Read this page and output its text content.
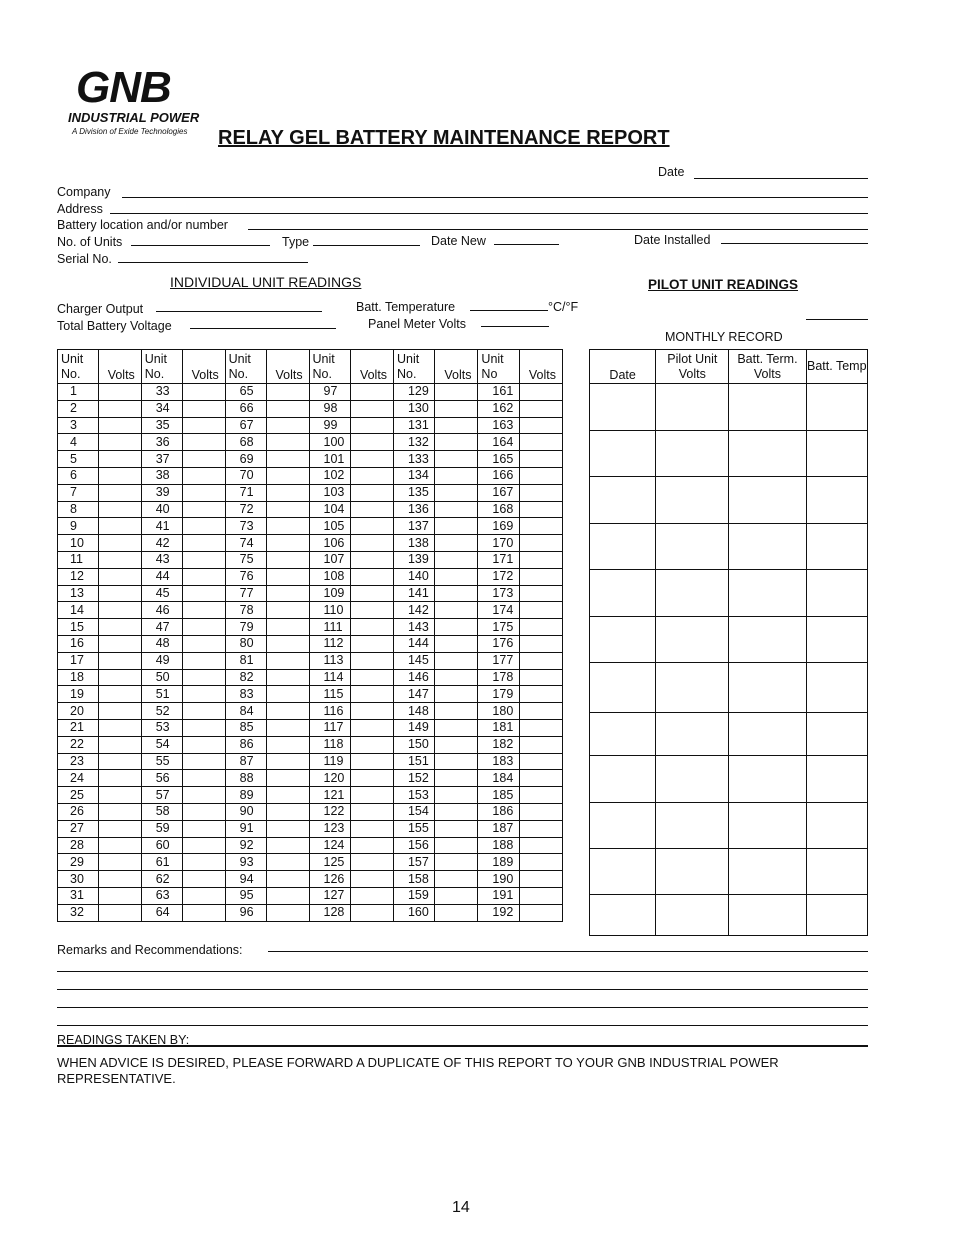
GNB
INDUSTRIAL POWER
A Division of Exide Technologies RELAY GEL BATTERY MAINTENANCE REPORT
Date
Company
Address
Battery location and/or number
No. of Units	Type	Date New	Date Installed
Serial No.
INDIVIDUAL UNIT READINGS	PILOT UNIT READINGS
Charger Output
Total Battery Voltage
Batt. Temperature	°C/°F
Panel Meter Volts
MONTHLY RECORD
Unit No.	Volts	Unit No.	Volts	Unit No.	Volts	Unit No.	Volts	Unit No.	Volts	Unit No	Volts
1		33		65		97		129		161	
2		34		66		98		130		162	
3		35		67		99		131		163	
4		36		68		100		132		164	
5		37		69		101		133		165	
6		38		70		102		134		166	
7		39		71		103		135		167	
8		40		72		104		136		168	
9		41		73		105		137		169	
10		42		74		106		138		170	
11		43		75		107		139		171	
12		44		76		108		140		172	
13		45		77		109		141		173	
14		46		78		110		142		174	
15		47		79		111		143		175	
16		48		80		112		144		176	
17		49		81		113		145		177	
18		50		82		114		146		178	
19		51		83		115		147		179	
20		52		84		116		148		180	
21		53		85		117		149		181	
22		54		86		118		150		182	
23		55		87		119		151		183	
24		56		88		120		152		184	
25		57		89		121		153		185	
26		58		90		122		154		186	
27		59		91		123		155		187	
28		60		92		124		156		188	
29		61		93		125		157		189	
30		62		94		126		158		190	
31		63		95		127		159		191	
32		64		96		128		160		192	
Date	Pilot Unit Volts	Batt. Term. Volts	Batt. Temp

Remarks and Recommendations:
READINGS TAKEN BY:
WHEN ADVICE IS DESIRED, PLEASE FORWARD A DUPLICATE OF THIS REPORT TO YOUR GNB INDUSTRIAL POWER REPRESENTATIVE.
14
